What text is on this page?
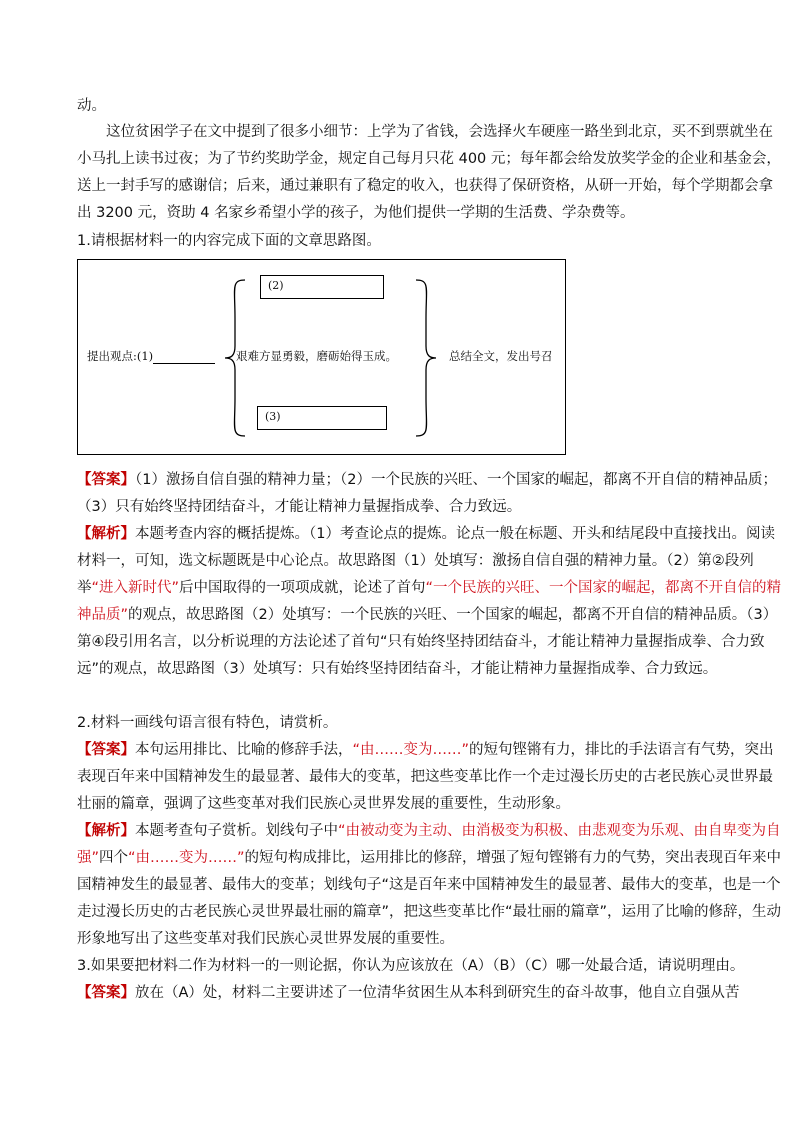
动。

这位贫困学子在文中提到了很多小细节：上学为了省钱，会选择火车硬座一路坐到北京，买不到票就坐在小马扎上读书过夜；为了节约奖助学金，规定自己每月只花 400 元；每年都会给发放奖学金的企业和基金会，送上一封手写的感谢信；后来，通过兼职有了稳定的收入，也获得了保研资格，从研一开始，每个学期都会拿出 3200 元，资助 4 名家乡希望小学的孩子，为他们提供一学期的生活费、学杂费等。

1.请根据材料一的内容完成下面的文章思路图。

提出观点:(1)
(2)
艰难方显勇毅，磨砺始得玉成。
(3)
总结全文，发出号召

【答案】（1）激扬自信自强的精神力量；（2）一个民族的兴旺、一个国家的崛起，都离不开自信的精神品质；（3）只有始终坚持团结奋斗，才能让精神力量握指成拳、合力致远。

【解析】本题考查内容的概括提炼。（1）考查论点的提炼。论点一般在标题、开头和结尾段中直接找出。阅读材料一，可知，选文标题既是中心论点。故思路图（1）处填写：激扬自信自强的精神力量。（2）第②段列举“进入新时代”后中国取得的一项项成就，论述了首句“一个民族的兴旺、一个国家的崛起，都离不开自信的精神品质”的观点，故思路图（2）处填写：一个民族的兴旺、一个国家的崛起，都离不开自信的精神品质。（3）第④段引用名言，以分析说理的方法论述了首句“只有始终坚持团结奋斗，才能让精神力量握指成拳、合力致远”的观点，故思路图（3）处填写：只有始终坚持团结奋斗，才能让精神力量握指成拳、合力致远。

2.材料一画线句语言很有特色，请赏析。

【答案】本句运用排比、比喻的修辞手法，“由……变为……”的短句铿锵有力，排比的手法语言有气势，突出表现百年来中国精神发生的最显著、最伟大的变革，把这些变革比作一个走过漫长历史的古老民族心灵世界最壮丽的篇章，强调了这些变革对我们民族心灵世界发展的重要性，生动形象。

【解析】本题考查句子赏析。划线句子中“由被动变为主动、由消极变为积极、由悲观变为乐观、由自卑变为自强”四个“由……变为……”的短句构成排比，运用排比的修辞，增强了短句铿锵有力的气势，突出表现百年来中国精神发生的最显著、最伟大的变革；划线句子“这是百年来中国精神发生的最显著、最伟大的变革，也是一个走过漫长历史的古老民族心灵世界最壮丽的篇章”，把这些变革比作“最壮丽的篇章”，运用了比喻的修辞，生动形象地写出了这些变革对我们民族心灵世界发展的重要性。

3.如果要把材料二作为材料一的一则论据，你认为应该放在（A）（B）（C）哪一处最合适，请说明理由。

【答案】放在（A）处，材料二主要讲述了一位清华贫困生从本科到研究生的奋斗故事，他自立自强从苦
